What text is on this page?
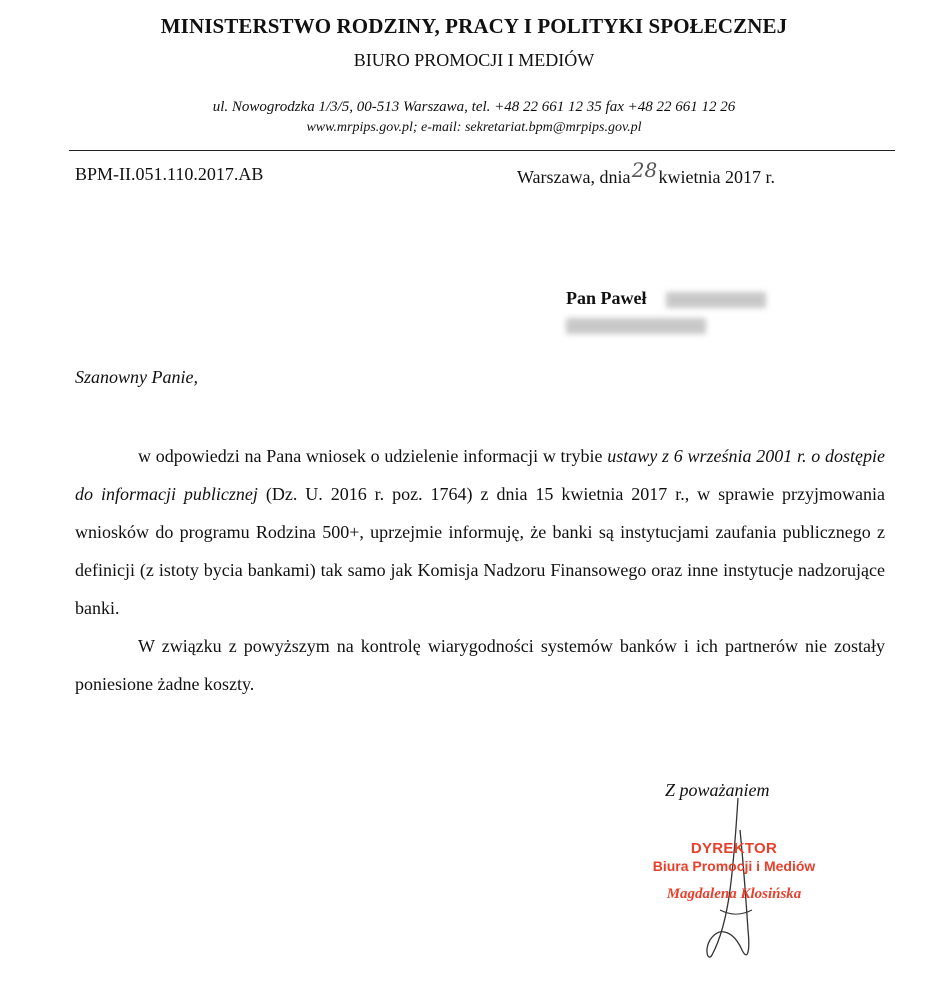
MINISTERSTWO RODZINY, PRACY I POLITYKI SPOŁECZNEJ
BIURO PROMOCJI I MEDIÓW
ul. Nowogrodzka 1/3/5, 00-513 Warszawa, tel. +48 22 661 12 35 fax +48 22 661 12 26
www.mrpips.gov.pl; e-mail: sekretariat.bpm@mrpips.gov.pl
BPM-II.051.110.2017.AB	Warszawa, dnia28kwietnia 2017 r.
Pan Paweł
Szanowny Panie,

w odpowiedzi na Pana wniosek o udzielenie informacji w trybie ustawy z 6 września 2001 r. o dostępie do informacji publicznej (Dz. U. 2016 r. poz. 1764) z dnia 15 kwietnia 2017 r., w sprawie przyjmowania wniosków do programu Rodzina 500+, uprzejmie informuję, że banki są instytucjami zaufania publicznego z definicji (z istoty bycia bankami) tak samo jak Komisja Nadzoru Finansowego oraz inne instytucje nadzorujące banki.

W związku z powyższym na kontrolę wiarygodności systemów banków i ich partnerów nie zostały poniesione żadne koszty.

Z poważaniem
DYREKTOR
Biura Promocji i Mediów
Magdalena Klosińska
